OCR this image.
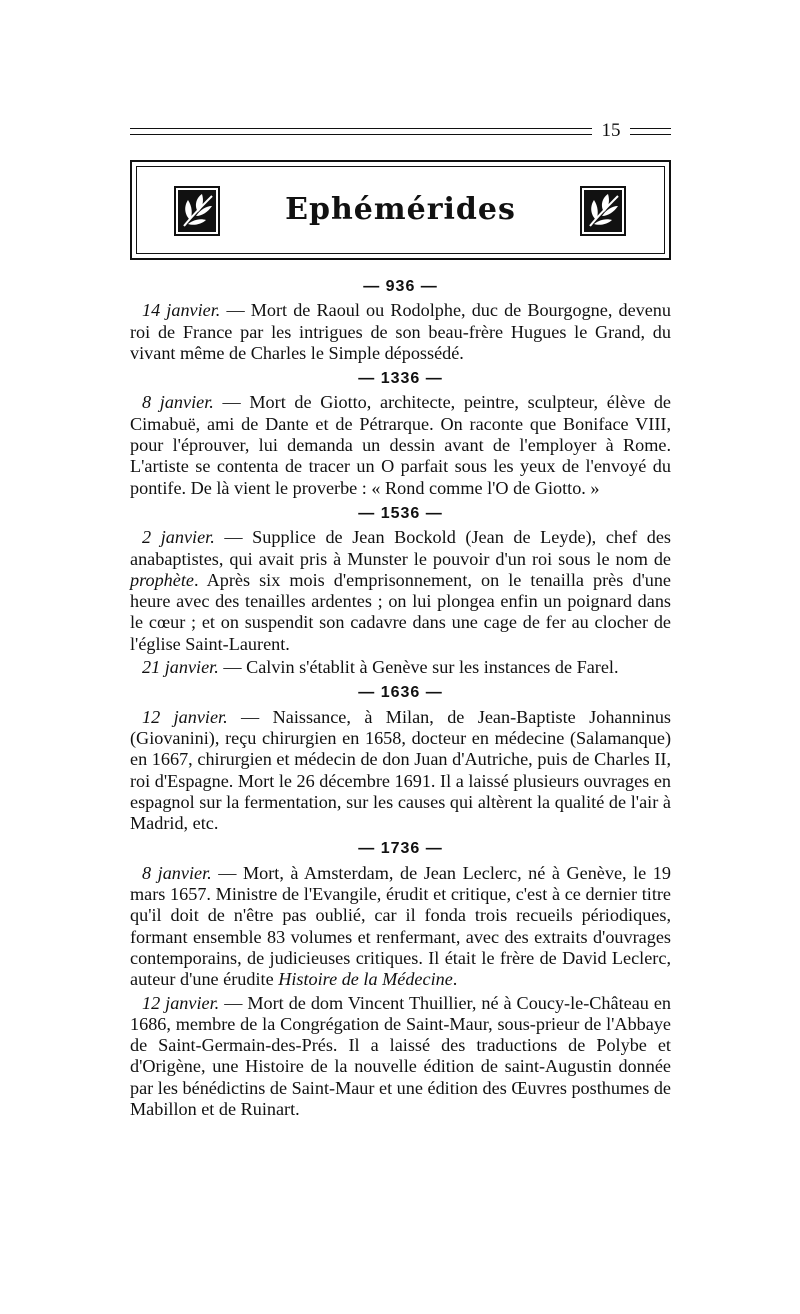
15
Ephémérides
— 936 —

14 janvier. — Mort de Raoul ou Rodolphe, duc de Bourgogne, devenu roi de France par les intrigues de son beau-frère Hugues le Grand, du vivant même de Charles le Simple dépossédé.

— 1336 —

8 janvier. — Mort de Giotto, architecte, peintre, sculpteur, élève de Cimabuë, ami de Dante et de Pétrarque. On raconte que Boniface VIII, pour l'éprouver, lui demanda un dessin avant de l'employer à Rome. L'artiste se contenta de tracer un O parfait sous les yeux de l'envoyé du pontife. De là vient le proverbe : « Rond comme l'O de Giotto. »

— 1536 —

2 janvier. — Supplice de Jean Bockold (Jean de Leyde), chef des anabaptistes, qui avait pris à Munster le pouvoir d'un roi sous le nom de prophète. Après six mois d'emprisonnement, on le tenailla près d'une heure avec des tenailles ardentes ; on lui plongea enfin un poignard dans le cœur ; et on suspendit son cadavre dans une cage de fer au clocher de l'église Saint-Laurent.

21 janvier. — Calvin s'établit à Genève sur les instances de Farel.

— 1636 —

12 janvier. — Naissance, à Milan, de Jean-Baptiste Johanninus (Giovanini), reçu chirurgien en 1658, docteur en médecine (Salamanque) en 1667, chirurgien et médecin de don Juan d'Autriche, puis de Charles II, roi d'Espagne. Mort le 26 décembre 1691. Il a laissé plusieurs ouvrages en espagnol sur la fermentation, sur les causes qui altèrent la qualité de l'air à Madrid, etc.

— 1736 —

8 janvier. — Mort, à Amsterdam, de Jean Leclerc, né à Genève, le 19 mars 1657. Ministre de l'Evangile, érudit et critique, c'est à ce dernier titre qu'il doit de n'être pas oublié, car il fonda trois recueils périodiques, formant ensemble 83 volumes et renfermant, avec des extraits d'ouvrages contemporains, de judicieuses critiques. Il était le frère de David Leclerc, auteur d'une érudite Histoire de la Médecine.

12 janvier. — Mort de dom Vincent Thuillier, né à Coucy-le-Château en 1686, membre de la Congrégation de Saint-Maur, sous-prieur de l'Abbaye de Saint-Germain-des-Prés. Il a laissé des traductions de Polybe et d'Origène, une Histoire de la nouvelle édition de saint-Augustin donnée par les bénédictins de Saint-Maur et une édition des Œuvres posthumes de Mabillon et de Ruinart.
